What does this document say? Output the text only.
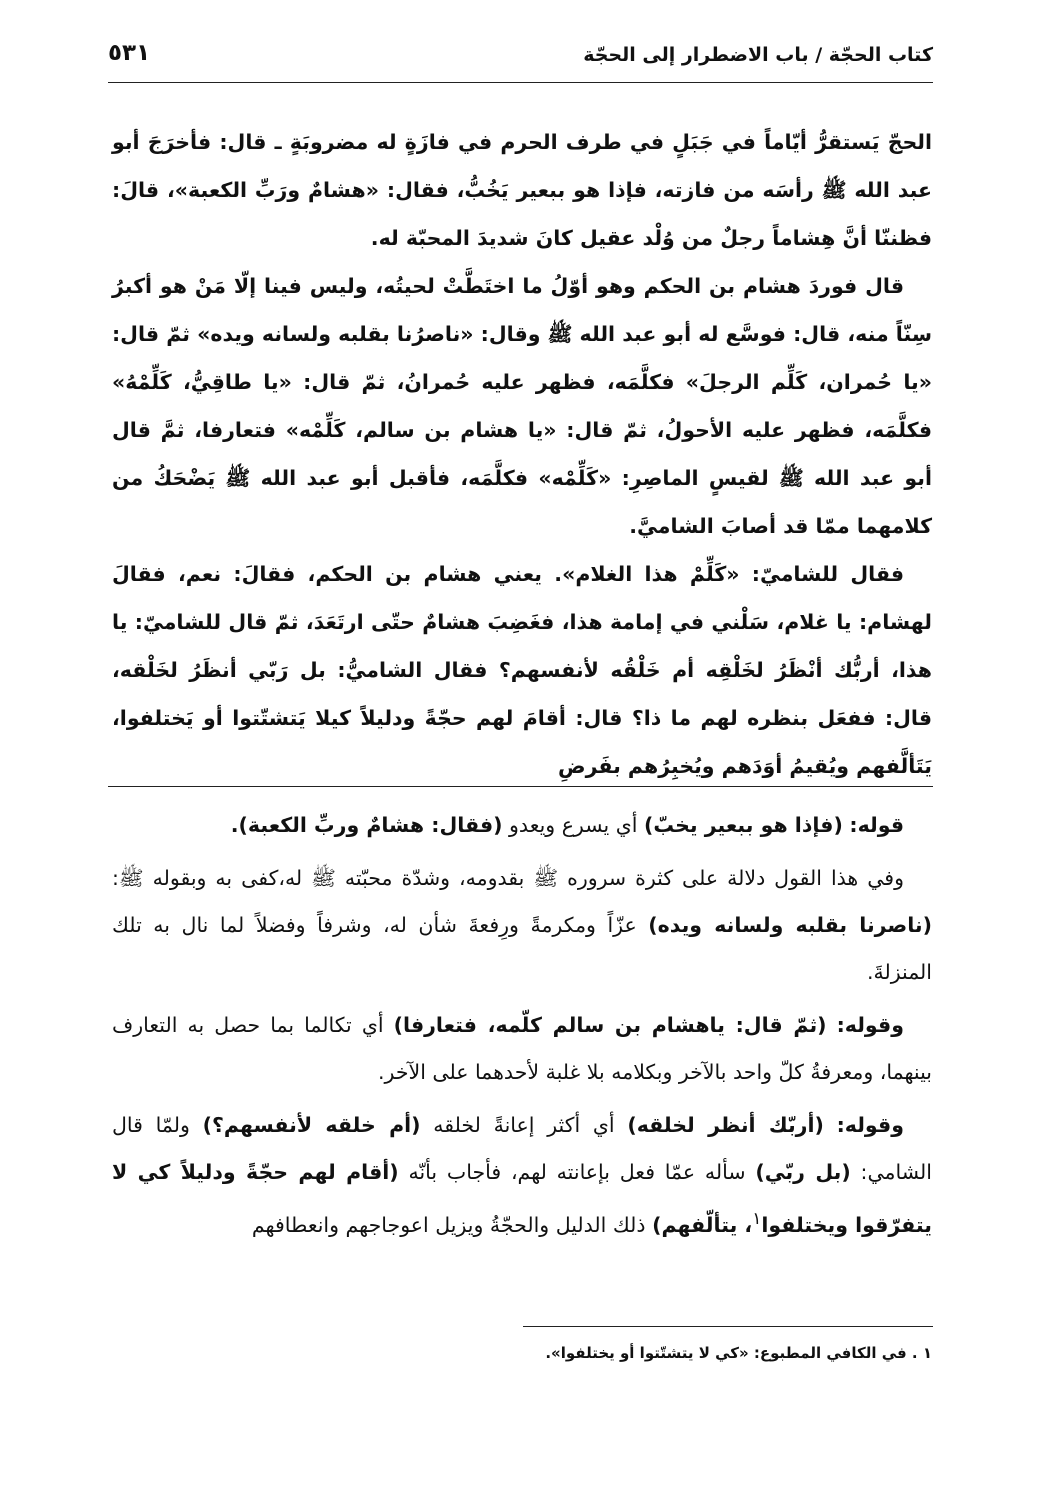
كتاب الحجّة / باب الاضطرار إلى الحجّة
٥٣١

الحجّ يَستقرُّ أيّاماً في جَبَلٍ في طرف الحرم في فازَةٍ له مضروبَةٍ ـ قال: فأخرَجَ أبو عبد الله ﷺ رأسَه من فازته، فإذا هو ببعير يَخُبُّ، فقال: «هشامٌ ورَبِّ الكعبة»، قالَ: فظننّا أنَّ هِشاماً رجلٌ من وُلْد عقيل كانَ شديدَ المحبّة له.

قال فوردَ هشام بن الحكم وهو أوّلُ ما اختَطَّتْ لحيتُه، وليس فينا إلّا مَنْ هو أكبرُ سِنّاً منه، قال: فوسَّع له أبو عبد الله ﷺ وقال: «ناصرُنا بقلبه ولسانه ويده» ثمّ قال: «يا حُمران، كَلِّم الرجلَ» فكلَّمَه، فظهر عليه حُمرانُ، ثمّ قال: «يا طاقِيُّ، كَلِّمْهُ» فكلَّمَه، فظهر عليه الأحولُ، ثمّ قال: «يا هشام بن سالم، كَلِّمْه» فتعارفا، ثمَّ قال أبو عبد الله ﷺ لقيسٍ الماصِرِ: «كَلِّمْه» فكلَّمَه، فأقبل أبو عبد الله ﷺ يَضْحَكُ من كلامهما ممّا قد أصابَ الشاميَّ.

فقال للشاميّ: «كَلِّمْ هذا الغلام». يعني هشام بن الحكم، فقالَ: نعم، فقالَ لهشام: يا غلام، سَلْني في إمامة هذا، فغَضِبَ هشامٌ حتّى ارتَعَدَ، ثمّ قال للشاميّ: يا هذا، أربُّك أنْظَرُ لخَلْقِه أم خَلْقُه لأنفسهم؟ فقال الشاميُّ: بل رَبّي أنظَرُ لخَلْقه، قال: ففعَل بنظره لهم ما ذا؟ قال: أقامَ لهم حجّةً ودليلاً كيلا يَتشتّتوا أو يَختلفوا، يَتَألَّفهم ويُقيمُ أوَدَهم ويُخبِرُهم بفَرضِ

قوله: (فإذا هو ببعير يخبّ) أي يسرع ويعدو (فقال: هشامٌ وربِّ الكعبة).

وفي هذا القول دلالة على كثرة سروره ﷺ بقدومه، وشدّة محبّته ﷺ له،كفى به وبقوله ﷺ: (ناصرنا بقلبه ولسانه ويده) عزّاً ومكرمةً ورِفعةَ شأن له، وشرفاً وفضلاً لما نال به تلك المنزلةَ.

وقوله: (ثمّ قال: ياهشام بن سالم كلّمه، فتعارفا) أي تكالما بما حصل به التعارف بينهما، ومعرفةُ كلّ واحد بالآخر وبكلامه بلا غلبة لأحدهما على الآخر.

وقوله: (أربّك أنظر لخلقه) أي أكثر إعانةً لخلقه (أم خلقه لأنفسهم؟) ولمّا قال الشامي: (بل ربّي) سأله عمّا فعل بإعانته لهم، فأجاب بأنّه (أقام لهم حجّةً ودليلاً كي لا يتفرّقوا ويختلفوا$^١$، يتألّفهم) ذلك الدليل والحجّةُ ويزيل اعوجاجهم وانعطافهم

١ . في الكافي المطبوع: «كي لا يتشتّتوا أو يختلفوا».
